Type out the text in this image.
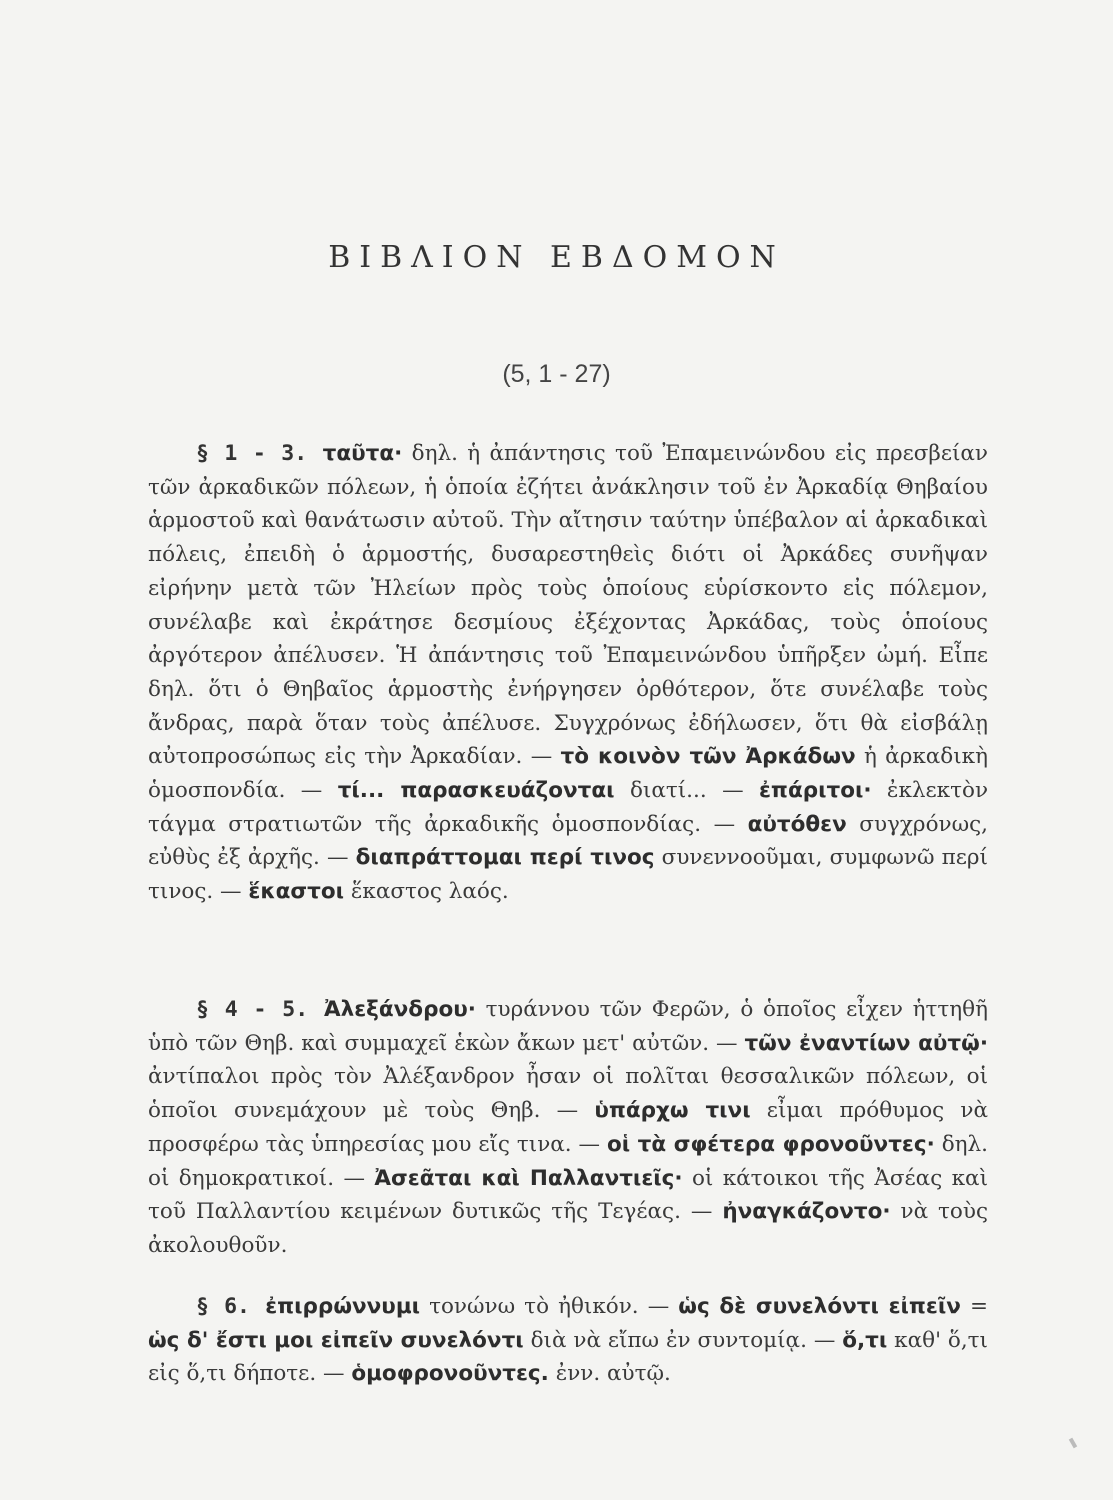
ΒΙΒΛΙΟΝ ΕΒΔΟΜΟΝ
(5, 1 - 27)

§ 1 - 3. ταῦτα· δηλ. ἡ ἀπάντησις τοῦ Ἐπαμεινώνδου εἰς πρεσβείαν τῶν ἀρκαδικῶν πόλεων, ἡ ὁποία ἐζήτει ἀνάκλησιν τοῦ ἐν Ἀρκαδίᾳ Θηβαίου ἁρμοστοῦ καὶ θανάτωσιν αὐτοῦ. Τὴν αἴτησιν ταύτην ὑπέβαλον αἱ ἀρκαδικαὶ πόλεις, ἐπειδὴ ὁ ἁρμοστής, δυσαρεστηθεὶς διότι οἱ Ἀρκάδες συνῆψαν εἰρήνην μετὰ τῶν Ἠλείων πρὸς τοὺς ὁποίους εὑρίσκοντο εἰς πόλεμον, συνέλαβε καὶ ἐκράτησε δεσμίους ἐξέχοντας Ἀρκάδας, τοὺς ὁποίους ἀργότερον ἀπέλυσεν. Ἡ ἀπάντησις τοῦ Ἐπαμεινώνδου ὑπῆρξεν ὠμή. Εἶπε δηλ. ὅτι ὁ Θηβαῖος ἁρμοστὴς ἐνήργησεν ὀρθότερον, ὅτε συνέλαβε τοὺς ἄνδρας, παρὰ ὅταν τοὺς ἀπέλυσε. Συγχρόνως ἐδήλωσεν, ὅτι θὰ εἰσβάλῃ αὐτοπροσώπως εἰς τὴν Ἀρκαδίαν. — τὸ κοινὸν τῶν Ἀρκάδων ἡ ἀρκαδικὴ ὁμοσπονδία. — τί... παρασκευάζονται διατί... — ἐπάριτοι· ἐκλεκτὸν τάγμα στρατιωτῶν τῆς ἀρκαδικῆς ὁμοσπονδίας. — αὐτόθεν συγχρόνως, εὐθὺς ἐξ ἀρχῆς. — διαπράττομαι περί τινος συνεννοοῦμαι, συμφωνῶ περί τινος. — ἕκαστοι ἕκαστος λαός.

§ 4 - 5. Ἀλεξάνδρου· τυράννου τῶν Φερῶν, ὁ ὁποῖος εἶχεν ἡττηθῆ ὑπὸ τῶν Θηβ. καὶ συμμαχεῖ ἑκὼν ἄκων μετ' αὐτῶν. — τῶν ἐναντίων αὐτῷ· ἀντίπαλοι πρὸς τὸν Ἀλέξανδρον ἦσαν οἱ πολῖται θεσσαλικῶν πόλεων, οἱ ὁποῖοι συνεμάχουν μὲ τοὺς Θηβ. — ὑπάρχω τινι εἶμαι πρόθυμος νὰ προσφέρω τὰς ὑπηρεσίας μου εἴς τινα. — οἱ τὰ σφέτερα φρονοῦντες· δηλ. οἱ δημοκρατικοί. — Ἀσεᾶται καὶ Παλλαντιεῖς· οἱ κάτοικοι τῆς Ἀσέας καὶ τοῦ Παλλαντίου κειμένων δυτικῶς τῆς Τεγέας. — ἠναγκάζοντο· νὰ τοὺς ἀκολουθοῦν.

§ 6. ἐπιρρώννυμι τονώνω τὸ ἠθικόν. — ὡς δὲ συνελόντι εἰπεῖν = ὡς δ' ἔστι μοι εἰπεῖν συνελόντι διὰ νὰ εἴπω ἐν συντομίᾳ. — ὅ,τι καθ' ὅ,τι εἰς ὅ,τι δήποτε. — ὁμοφρονοῦντες. ἐνν. αὐτῷ.
